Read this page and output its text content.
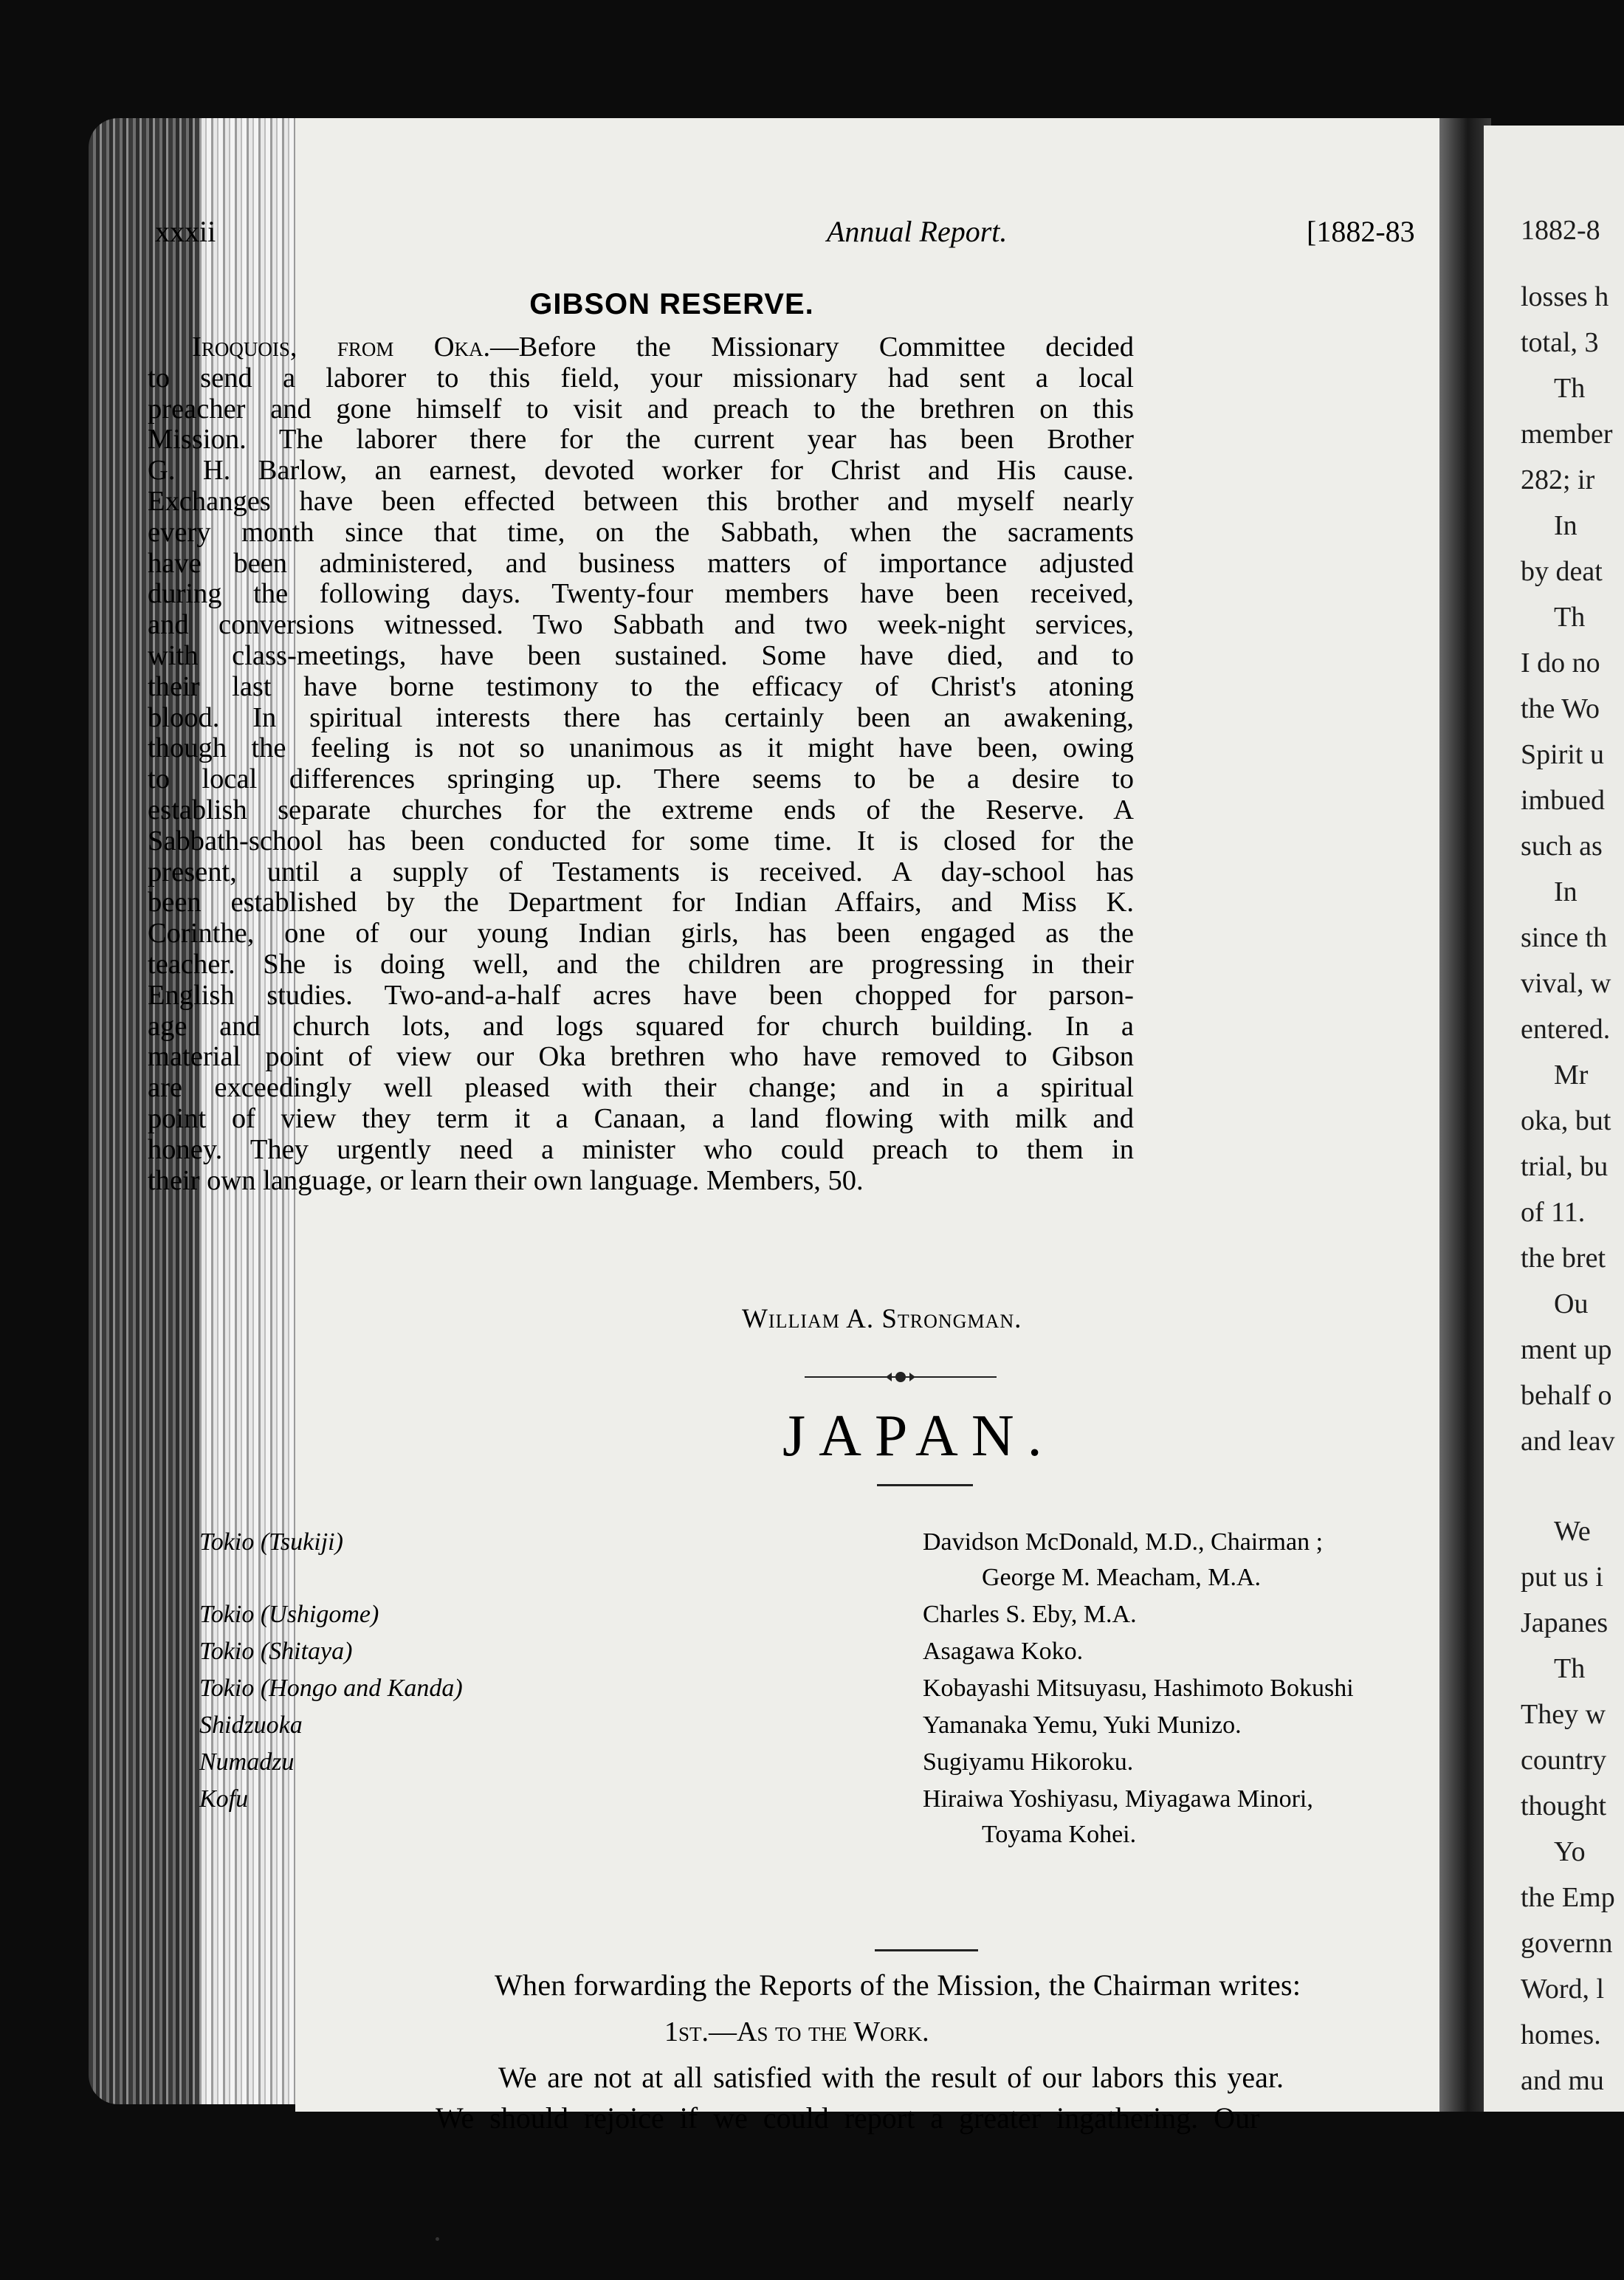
1882-8
losses h
total, 3
Th
member
282; ir
In
by deat
Th
I do no
the Wo
Spirit u
imbued
such as
In
since th
vival, w
entered.
Mr
oka, but
trial, bu
of 11.
the bret
Ou
ment up
behalf o
and leav
We
put us i
Japanes
Th
They w
country
thought
Yo
the Emp
governn
Word, l
homes.
and mu
xxxii	Annual Report.	[1882-83
GIBSON RESERVE.
Iroquois, from Oka.—Before the Missionary Committee decided
to send a laborer to this field, your missionary had sent a local
preacher and gone himself to visit and preach to the brethren on this
Mission. The laborer there for the current year has been Brother
G. H. Barlow, an earnest, devoted worker for Christ and His cause.
Exchanges have been effected between this brother and myself nearly
every month since that time, on the Sabbath, when the sacraments
have been administered, and business matters of importance adjusted
during the following days. Twenty-four members have been received,
and conversions witnessed. Two Sabbath and two week-night services,
with class-meetings, have been sustained. Some have died, and to
their last have borne testimony to the efficacy of Christ's atoning
blood. In spiritual interests there has certainly been an awakening,
though the feeling is not so unanimous as it might have been, owing
to local differences springing up. There seems to be a desire to
establish separate churches for the extreme ends of the Reserve. A
Sabbath-school has been conducted for some time. It is closed for the
present, until a supply of Testaments is received. A day-school has
been established by the Department for Indian Affairs, and Miss K.
Corinthe, one of our young Indian girls, has been engaged as the
teacher. She is doing well, and the children are progressing in their
English studies. Two-and-a-half acres have been chopped for parson-
age and church lots, and logs squared for church building. In a
material point of view our Oka brethren who have removed to Gibson
are exceedingly well pleased with their change; and in a spiritual
point of view they term it a Canaan, a land flowing with milk and
honey. They urgently need a minister who could preach to them in
their own language, or learn their own language. Members, 50.
William A. Strongman.
JAPAN.
Tokio (Tsukiji)	Davidson McDonald, M.D., Chairman ;
George M. Meacham, M.A.
Tokio (Ushigome)	Charles S. Eby, M.A.
Tokio (Shitaya)	Asagawa Koko.
Tokio (Hongo and Kanda)	Kobayashi Mitsuyasu, Hashimoto Bokushi
Shidzuoka	Yamanaka Yemu, Yuki Munizo.
Numadzu	Sugiyamu Hikoroku.
Kofu	Hiraiwa Yoshiyasu, Miyagawa Minori,
Toyama Kohei.
When forwarding the Reports of the Mission, the Chairman writes:
1st.—As to the Work.
We are not at all satisfied with the result of our labors this year.
We should rejoice if we could report a greater ingathering. Our
